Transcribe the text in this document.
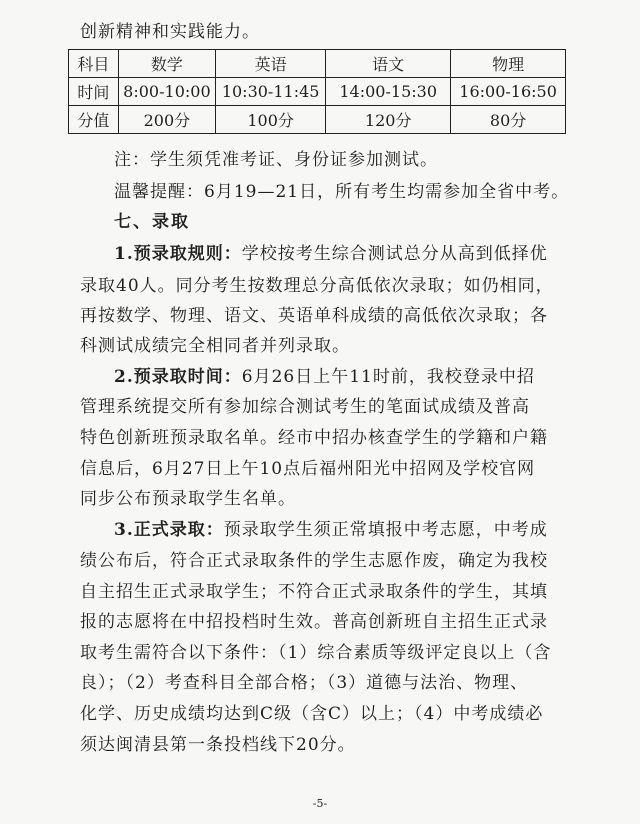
创新精神和实践能力。
科目	数学	英语	语文	物理
时间	8:00-10:00	10:30-11:45	14:00-15:30	16:00-16:50
分值	200分	100分	120分	80分
注：学生须凭准考证、身份证参加测试。
温馨提醒：6月19—21日，所有考生均需参加全省中考。
七、录取
1.预录取规则：学校按考生综合测试总分从高到低择优
录取40人。同分考生按数理总分高低依次录取；如仍相同，
再按数学、物理、语文、英语单科成绩的高低依次录取；各
科测试成绩完全相同者并列录取。
2.预录取时间：6月26日上午11时前，我校登录中招
管理系统提交所有参加综合测试考生的笔面试成绩及普高
特色创新班预录取名单。经市中招办核查学生的学籍和户籍
信息后，6月27日上午10点后福州阳光中招网及学校官网
同步公布预录取学生名单。
3.正式录取：预录取学生须正常填报中考志愿，中考成
绩公布后，符合正式录取条件的学生志愿作废，确定为我校
自主招生正式录取学生；不符合正式录取条件的学生，其填
报的志愿将在中招投档时生效。普高创新班自主招生正式录
取考生需符合以下条件：（1）综合素质等级评定良以上（含
良）；（2）考查科目全部合格；（3）道德与法治、物理、
化学、历史成绩均达到C级（含C）以上；（4）中考成绩必
须达闽清县第一条投档线下20分。
-5-
